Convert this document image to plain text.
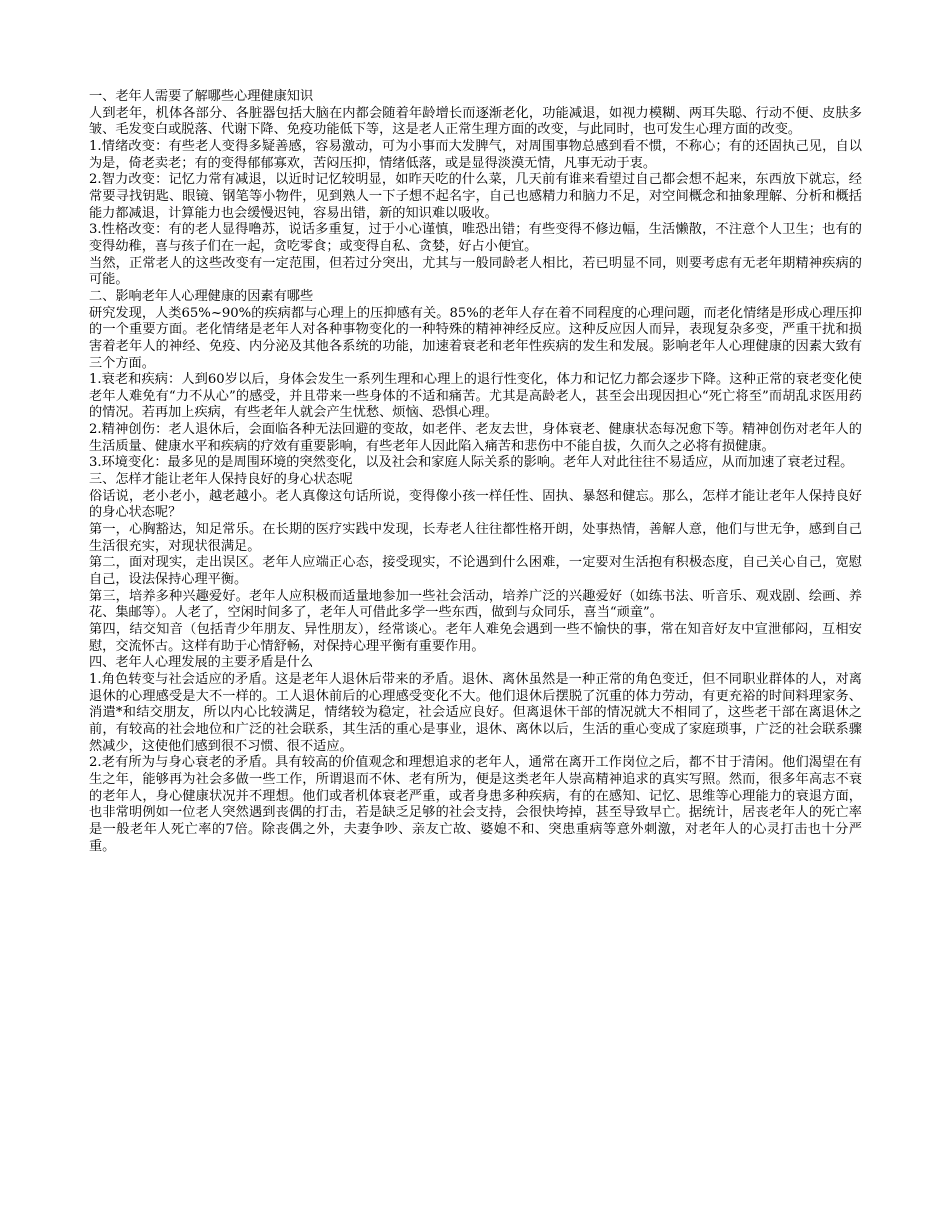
一、老年人需要了解哪些心理健康知识

人到老年，机体各部分、各脏器包括大脑在内都会随着年龄增长而逐渐老化，功能减退，如视力模糊、两耳失聪、行动不便、皮肤多皱、毛发变白或脱落、代谢下降、免疫功能低下等，这是老人正常生理方面的改变，与此同时，也可发生心理方面的改变。

1.情绪改变：有些老人变得多疑善感，容易激动，可为小事而大发脾气，对周围事物总感到看不惯，不称心；有的还固执己见，自以为是，倚老卖老；有的变得郁郁寡欢，苦闷压抑，情绪低落，或是显得淡漠无情，凡事无动于衷。

2.智力改变：记忆力常有减退，以近时记忆较明显，如昨天吃的什么菜，几天前有谁来看望过自己都会想不起来，东西放下就忘，经常要寻找钥匙、眼镜、钢笔等小物件，见到熟人一下子想不起名字，自己也感精力和脑力不足，对空间概念和抽象理解、分析和概括能力都减退，计算能力也会缓慢迟钝，容易出错，新的知识难以吸收。

3.性格改变：有的老人显得噜苏，说话多重复，过于小心谨慎，唯恐出错；有些变得不修边幅，生活懒散，不注意个人卫生；也有的变得幼稚，喜与孩子们在一起，贪吃零食；或变得自私、贪婪，好占小便宜。

当然，正常老人的这些改变有一定范围，但若过分突出，尤其与一般同龄老人相比，若已明显不同，则要考虑有无老年期精神疾病的可能。

二、影响老年人心理健康的因素有哪些

研究发现，人类65%~90%的疾病都与心理上的压抑感有关。85%的老年人存在着不同程度的心理问题，而老化情绪是形成心理压抑的一个重要方面。老化情绪是老年人对各种事物变化的一种特殊的精神神经反应。这种反应因人而异，表现复杂多变，严重干扰和损害着老年人的神经、免疫、内分泌及其他各系统的功能，加速着衰老和老年性疾病的发生和发展。影响老年人心理健康的因素大致有三个方面。

1.衰老和疾病：人到60岁以后，身体会发生一系列生理和心理上的退行性变化，体力和记忆力都会逐步下降。这种正常的衰老变化使老年人难免有“力不从心”的感受，并且带来一些身体的不适和痛苦。尤其是高龄老人，甚至会出现因担心“死亡将至”而胡乱求医用药的情况。若再加上疾病，有些老年人就会产生忧愁、烦恼、恐惧心理。

2.精神创伤：老人退休后，会面临各种无法回避的变故，如老伴、老友去世，身体衰老、健康状态每况愈下等。精神创伤对老年人的生活质量、健康水平和疾病的疗效有重要影响，有些老年人因此陷入痛苦和悲伤中不能自拔，久而久之必将有损健康。

3.环境变化：最多见的是周围环境的突然变化，以及社会和家庭人际关系的影响。老年人对此往往不易适应，从而加速了衰老过程。

三、怎样才能让老年人保持良好的身心状态呢

俗话说，老小老小，越老越小。老人真像这句话所说，变得像小孩一样任性、固执、暴怒和健忘。那么，怎样才能让老年人保持良好的身心状态呢？

第一，心胸豁达，知足常乐。在长期的医疗实践中发现，长寿老人往往都性格开朗，处事热情，善解人意，他们与世无争，感到自己生活很充实，对现状很满足。

第二，面对现实，走出误区。老年人应端正心态，接受现实，不论遇到什么困难，一定要对生活抱有积极态度，自己关心自己，宽慰自己，设法保持心理平衡。

第三，培养多种兴趣爱好。老年人应积极而适量地参加一些社会活动，培养广泛的兴趣爱好（如练书法、听音乐、观戏剧、绘画、养花、集邮等）。人老了，空闲时间多了，老年人可借此多学一些东西，做到与众同乐，喜当“顽童”。

第四，结交知音（包括青少年朋友、异性朋友），经常谈心。老年人难免会遇到一些不愉快的事，常在知音好友中宣泄郁闷，互相安慰，交流怀古。这样有助于心情舒畅，对保持心理平衡有重要作用。

四、老年人心理发展的主要矛盾是什么

1.角色转变与社会适应的矛盾。这是老年人退休后带来的矛盾。退休、离休虽然是一种正常的角色变迁，但不同职业群体的人，对离退休的心理感受是大不一样的。工人退休前后的心理感受变化不大。他们退休后摆脱了沉重的体力劳动，有更充裕的时间料理家务、消遣*和结交朋友，所以内心比较满足，情绪较为稳定，社会适应良好。但离退休干部的情况就大不相同了，这些老干部在离退休之前，有较高的社会地位和广泛的社会联系，其生活的重心是事业，退休、离休以后，生活的重心变成了家庭琐事，广泛的社会联系骤然减少，这使他们感到很不习惯、很不适应。

2.老有所为与身心衰老的矛盾。具有较高的价值观念和理想追求的老年人，通常在离开工作岗位之后，都不甘于清闲。他们渴望在有生之年，能够再为社会多做一些工作，所谓退而不休、老有所为，便是这类老年人崇高精神追求的真实写照。然而，很多年高志不衰的老年人，身心健康状况并不理想。他们或者机体衰老严重，或者身患多种疾病，有的在感知、记忆、思维等心理能力的衰退方面，也非常明例如一位老人突然遇到丧偶的打击，若是缺乏足够的社会支持，会很快垮掉，甚至导致早亡。据统计，居丧老年人的死亡率是一般老年人死亡率的7倍。除丧偶之外，夫妻争吵、亲友亡故、婆媳不和、突患重病等意外刺激，对老年人的心灵打击也十分严重。
